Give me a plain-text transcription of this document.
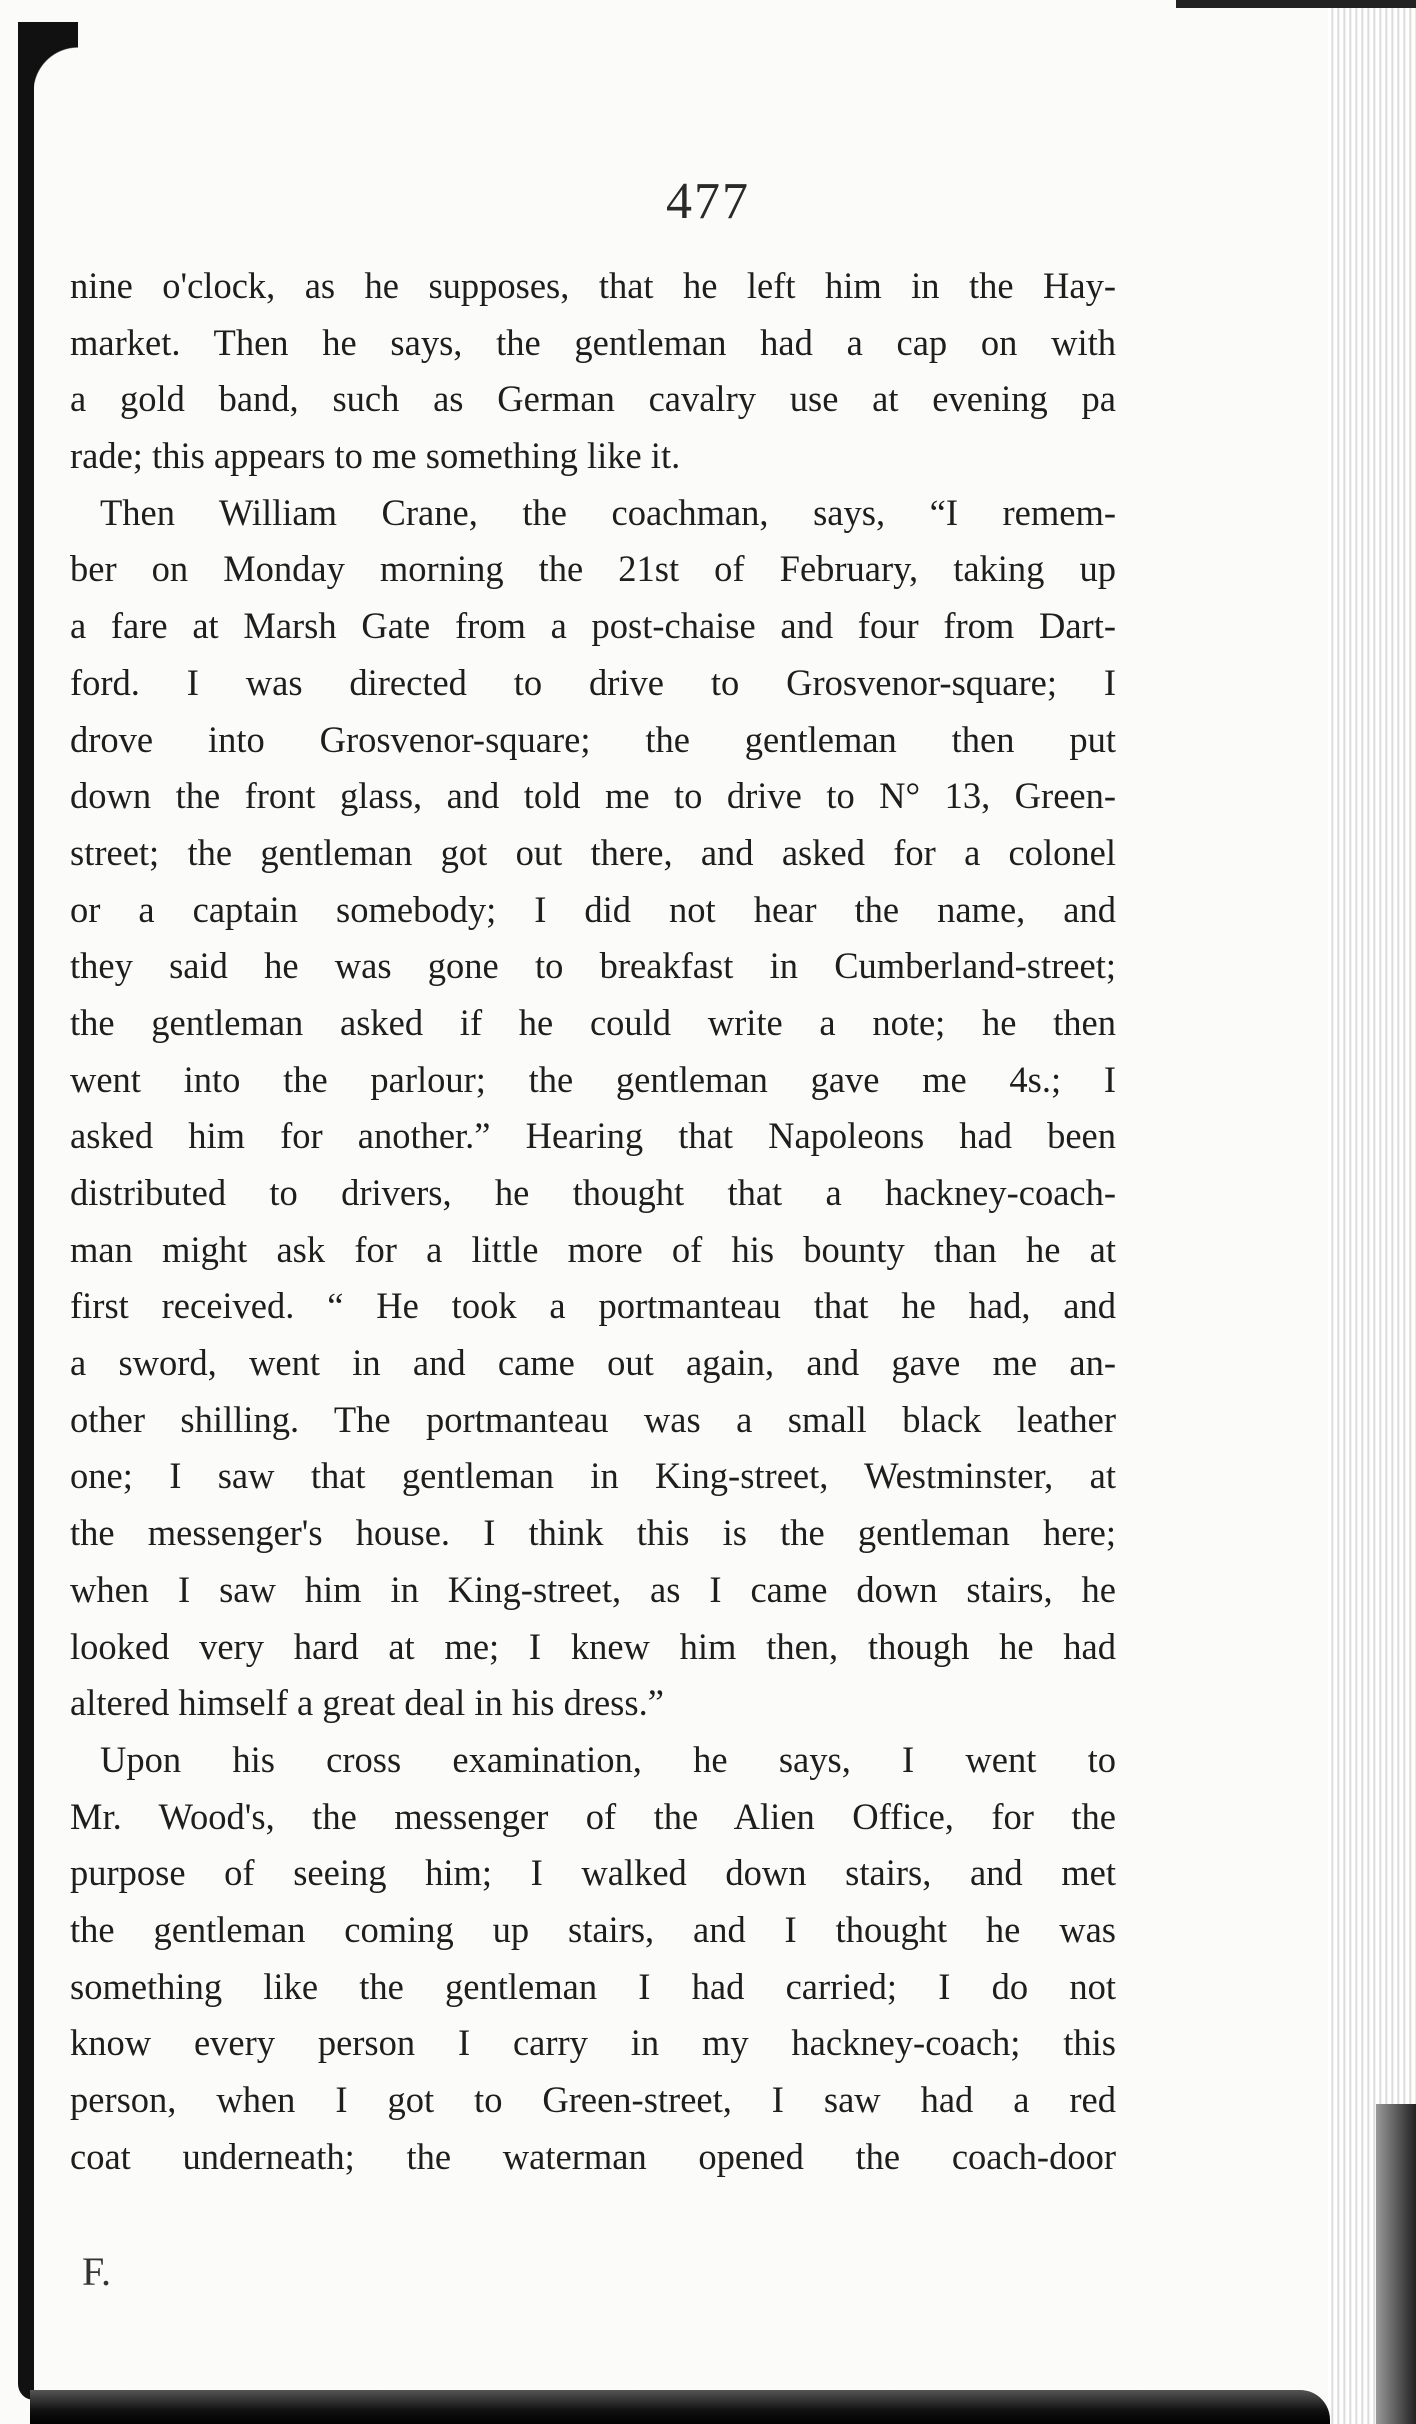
477
nine o'clock, as he supposes, that he left him in the Hay-
market. Then he says, the gentleman had a cap on with
a gold band, such as German cavalry use at evening pa
rade; this appears to me something like it.
Then William Crane, the coachman, says, “I remem-
ber on Monday morning the 21st of February, taking up
a fare at Marsh Gate from a post-chaise and four from Dart-
ford. I was directed to drive to Grosvenor-square; I
drove into Grosvenor-square; the gentleman then put
down the front glass, and told me to drive to N° 13, Green-
street; the gentleman got out there, and asked for a colonel
or a captain somebody; I did not hear the name, and
they said he was gone to breakfast in Cumberland-street;
the gentleman asked if he could write a note; he then
went into the parlour; the gentleman gave me 4s.; I
asked him for another.” Hearing that Napoleons had been
distributed to drivers, he thought that a hackney-coach-
man might ask for a little more of his bounty than he at
first received. “ He took a portmanteau that he had, and
a sword, went in and came out again, and gave me an-
other shilling. The portmanteau was a small black leather
one; I saw that gentleman in King-street, Westminster, at
the messenger's house. I think this is the gentleman here;
when I saw him in King-street, as I came down stairs, he
looked very hard at me; I knew him then, though he had
altered himself a great deal in his dress.”
Upon his cross examination, he says, I went to
Mr. Wood's, the messenger of the Alien Office, for the
purpose of seeing him; I walked down stairs, and met
the gentleman coming up stairs, and I thought he was
something like the gentleman I had carried; I do not
know every person I carry in my hackney-coach; this
person, when I got to Green-street, I saw had a red
coat underneath; the waterman opened the coach-door
F.
